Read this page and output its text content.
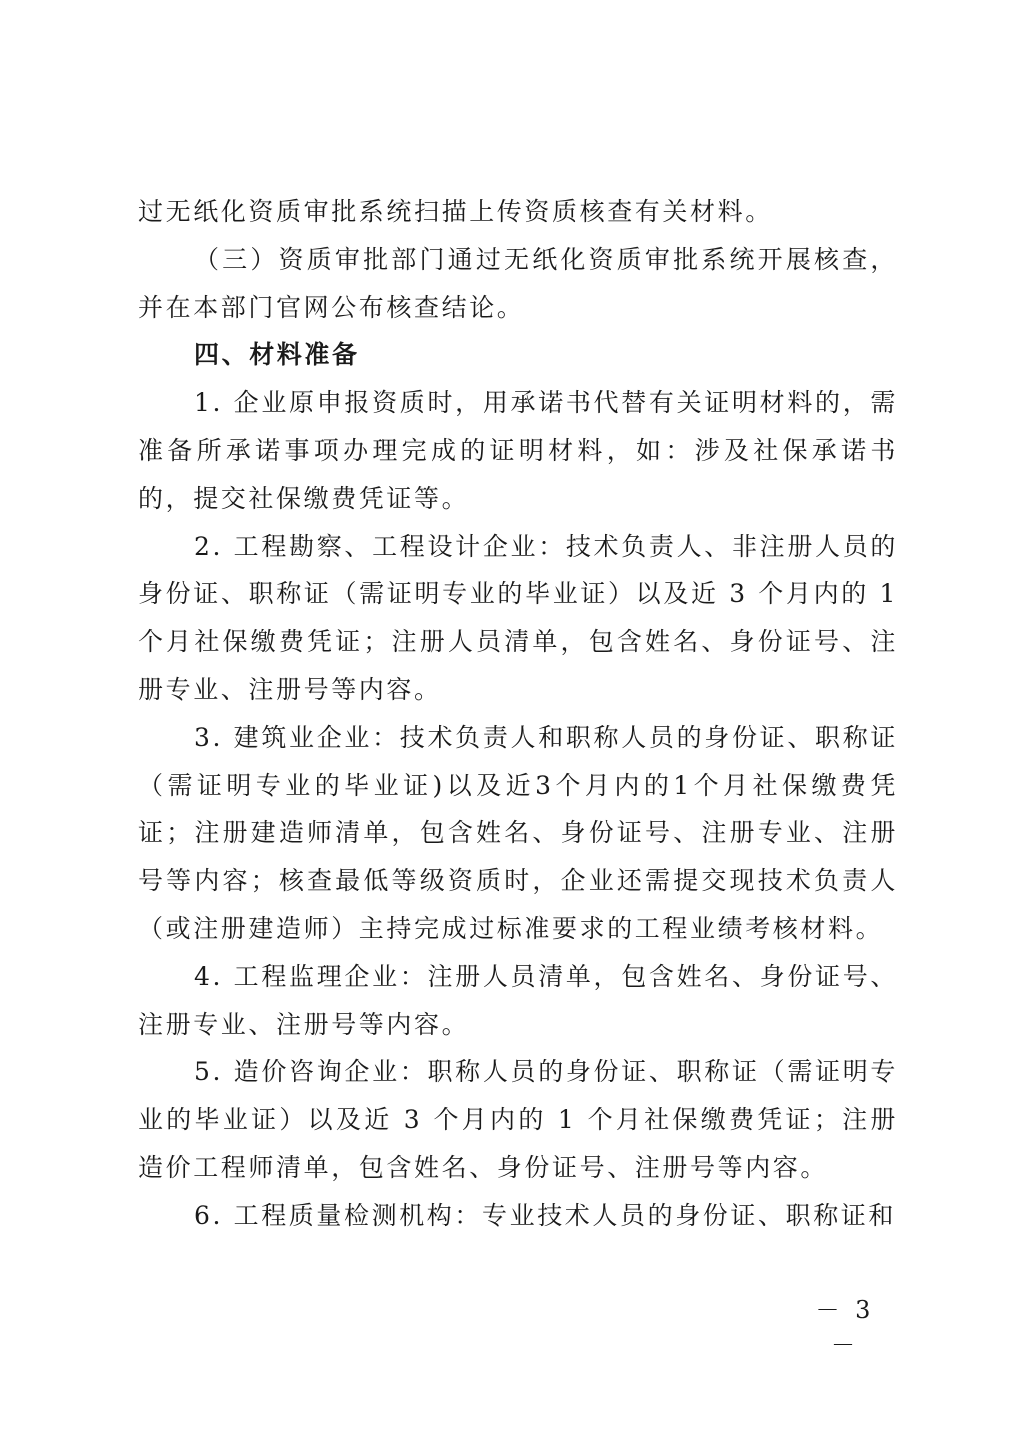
过无纸化资质审批系统扫描上传资质核查有关材料。

（三）资质审批部门通过无纸化资质审批系统开展核查，并在本部门官网公布核查结论。

四、材料准备

1. 企业原申报资质时，用承诺书代替有关证明材料的，需准备所承诺事项办理完成的证明材料，如：涉及社保承诺书的，提交社保缴费凭证等。

2. 工程勘察、工程设计企业：技术负责人、非注册人员的身份证、职称证（需证明专业的毕业证）以及近 3 个月内的 1 个月社保缴费凭证；注册人员清单，包含姓名、身份证号、注册专业、注册号等内容。

3. 建筑业企业：技术负责人和职称人员的身份证、职称证（需证明专业的毕业证)以及近3个月内的1个月社保缴费凭证；注册建造师清单，包含姓名、身份证号、注册专业、注册号等内容；核查最低等级资质时，企业还需提交现技术负责人（或注册建造师）主持完成过标准要求的工程业绩考核材料。

4. 工程监理企业：注册人员清单，包含姓名、身份证号、注册专业、注册号等内容。

5. 造价咨询企业：职称人员的身份证、职称证（需证明专业的毕业证）以及近 3 个月内的 1 个月社保缴费凭证；注册造价工程师清单，包含姓名、身份证号、注册号等内容。

6. 工程质量检测机构：专业技术人员的身份证、职称证和

－ 3 －
